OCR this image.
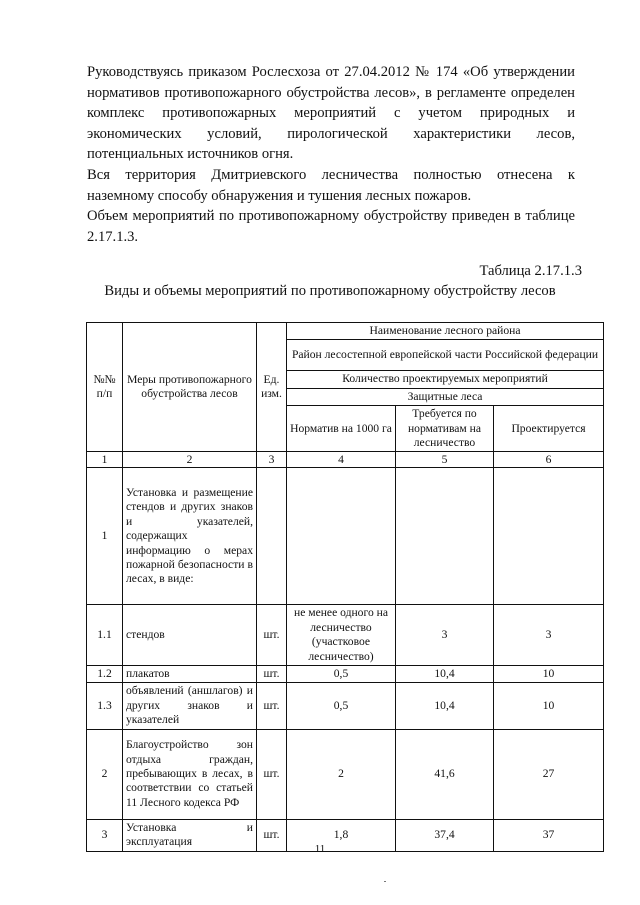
Руководствуясь приказом Рослесхоза от 27.04.2012 № 174 «Об утверждении нормативов противопожарного обустройства лесов», в регламенте определен комплекс противопожарных мероприятий с учетом природных и экономических условий, пирологической характеристики лесов, потенциальных источников огня.

Вся территория Дмитриевского лесничества полностью отнесена к наземному способу обнаружения и тушения лесных пожаров.

Объем мероприятий по противопожарному обустройству приведен в таблице 2.17.1.3.

Таблица 2.17.1.3

Виды и объемы мероприятий по противопожарному обустройству лесов

№№ п/п	Меры противопожарного обустройства лесов	Ед. изм.	Наименование лесного района		
			Район лесостепной европейской части Российской федерации		
			Количество проектируемых мероприятий		
			Защитные леса		
			Норматив на 1000 га	Требуется по нормативам на лесничество	Проектируется
1	2	3	4	5	6
1	Установка и размещение стендов и других знаков и указателей, содержащих информацию о мерах пожарной безопасности в лесах, в виде:				
1.1	стендов	шт.	не менее одного на лесничество (участковое лесничество)	3	3
1.2	плакатов	шт.	0,5	10,4	10
1.3	объявлений (аншлагов) и других знаков и указателей	шт.	0,5	10,4	10
2	Благоустройство зон отдыха граждан, пребывающих в лесах, в соответствии со статьей 11 Лесного кодекса РФ	шт.	2	41,6	27
3	Установка и эксплуатация	шт.	1,8	37,4	37

11
